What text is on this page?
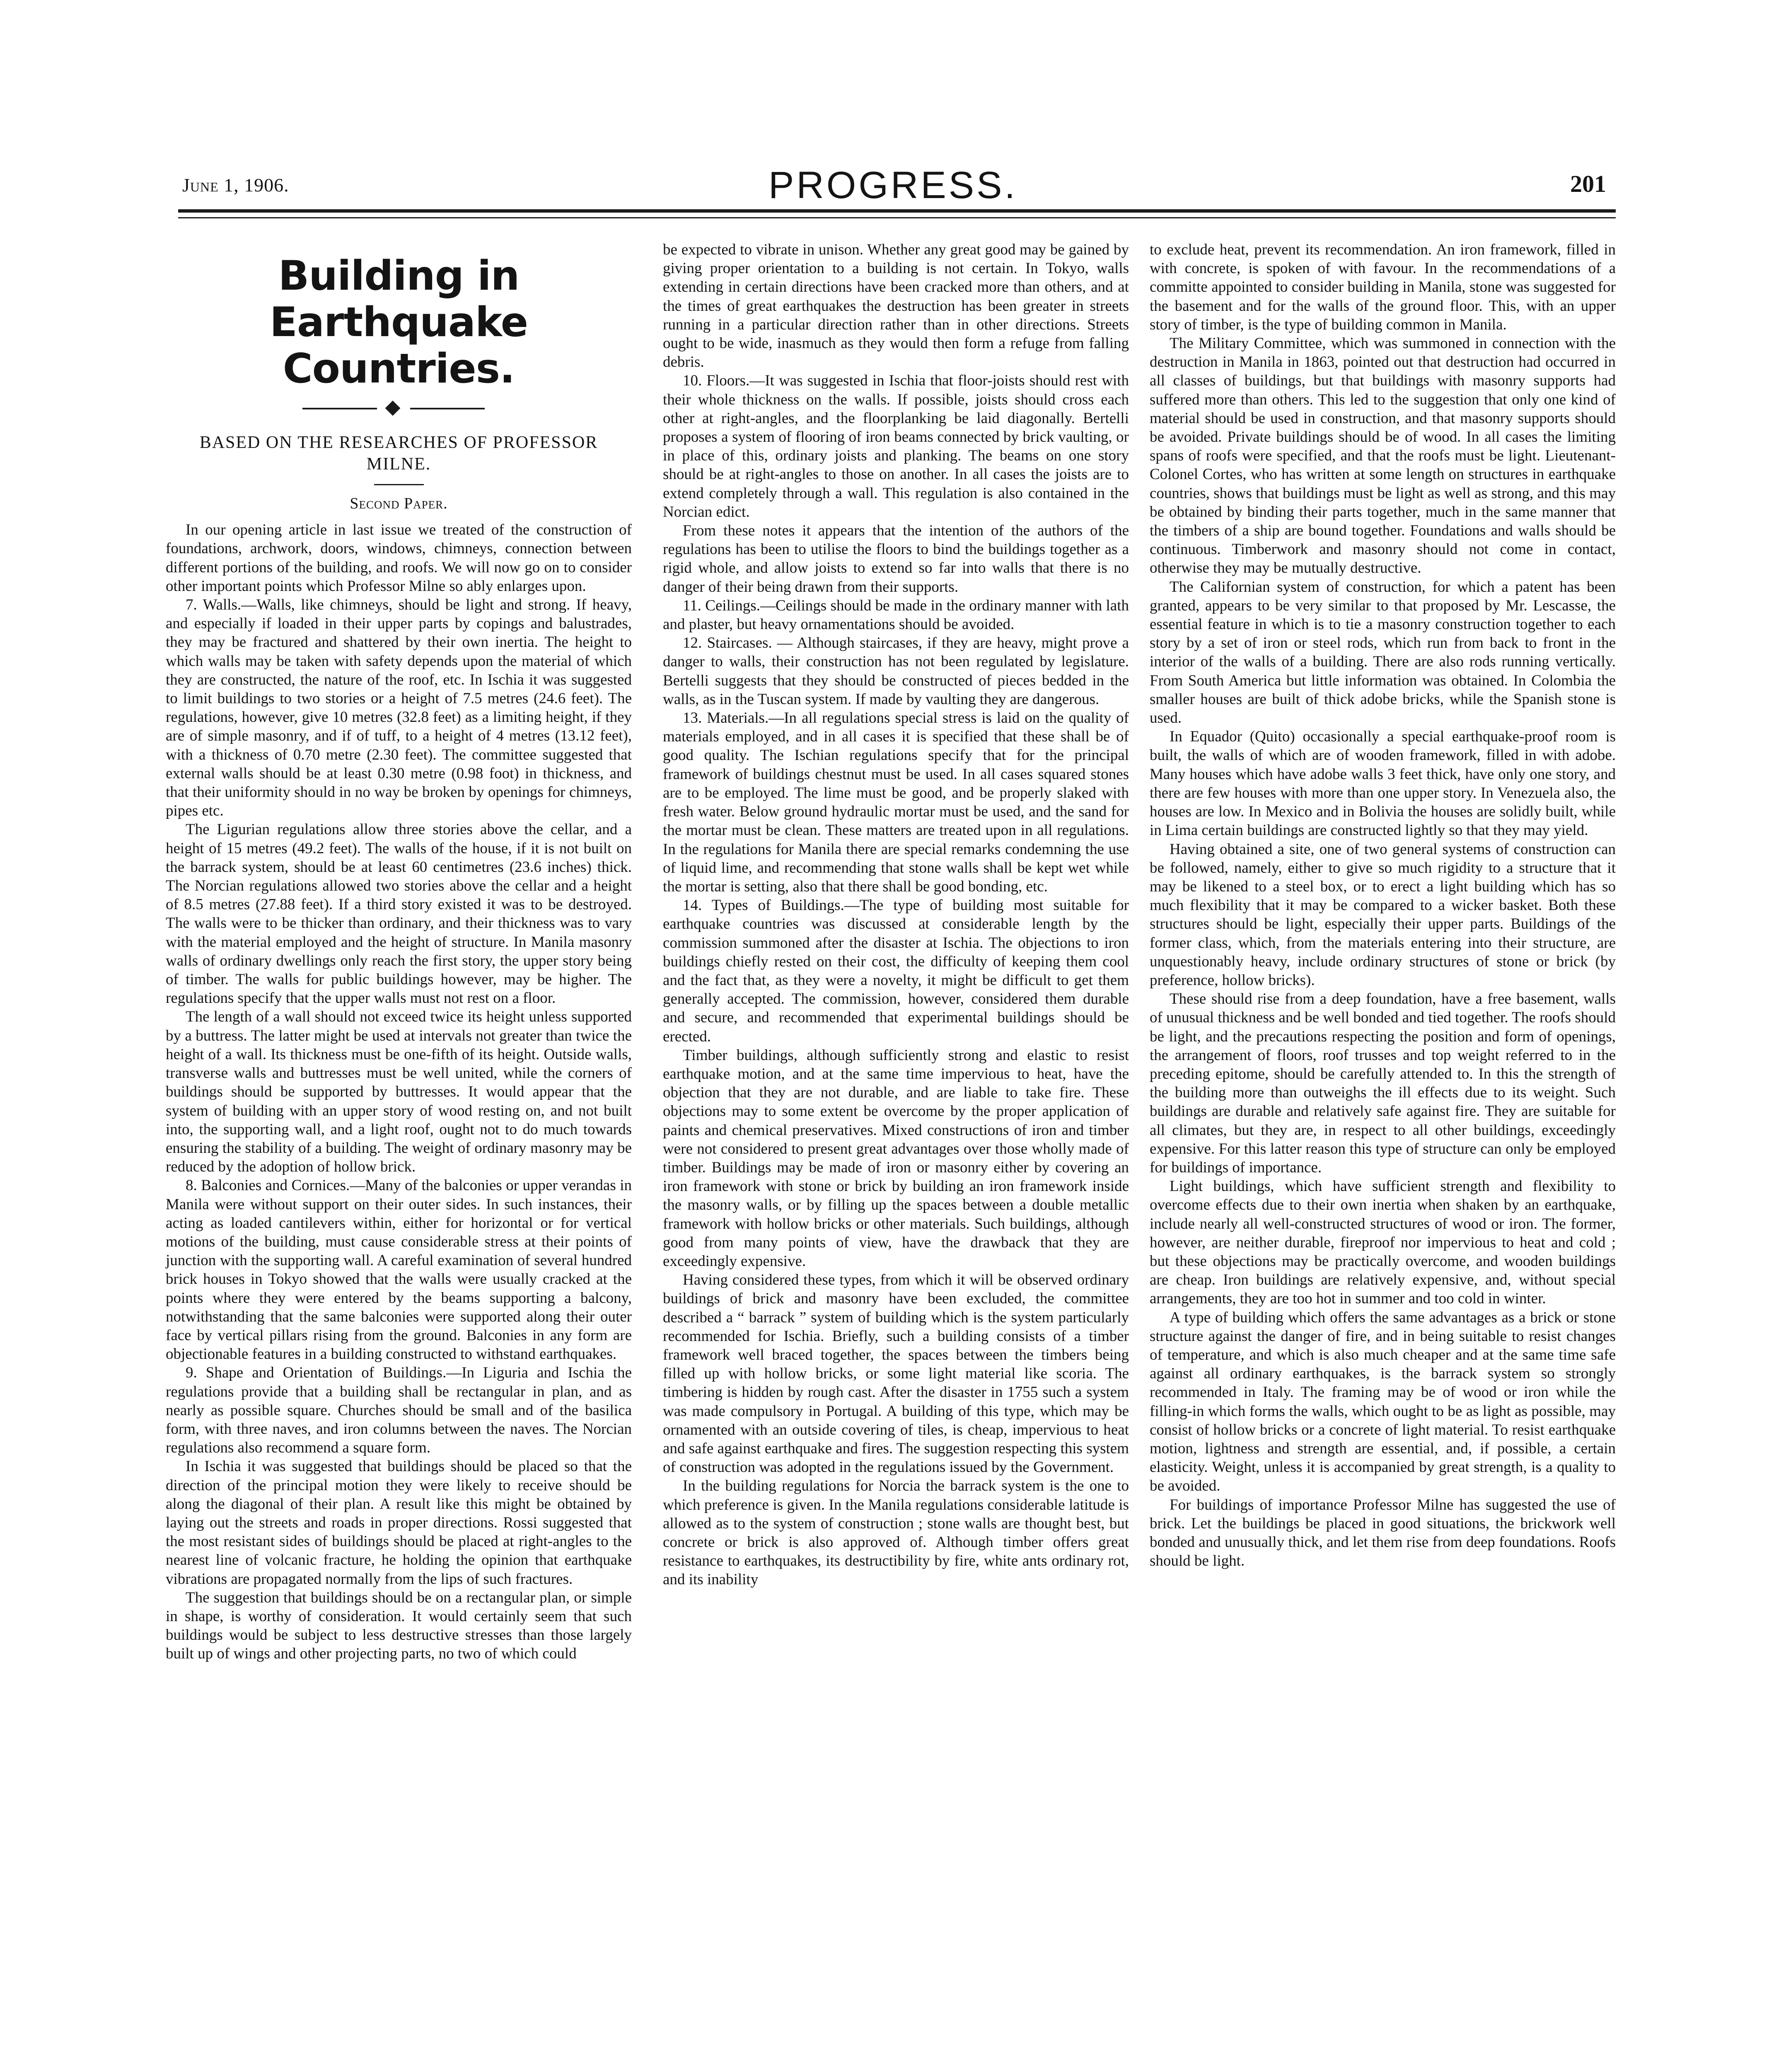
June 1, 1906.	PROGRESS.	201
Building in Earthquake Countries.
BASED ON THE RESEARCHES OF PROFESSOR MILNE.
Second Paper.

In our opening article in last issue we treated of the construction of foundations, archwork, doors, windows, chimneys, connection between different portions of the building, and roofs. We will now go on to consider other important points which Professor Milne so ably enlarges upon.

7. Walls.—Walls, like chimneys, should be light and strong. If heavy, and especially if loaded in their upper parts by copings and balustrades, they may be fractured and shattered by their own inertia. The height to which walls may be taken with safety depends upon the material of which they are constructed, the nature of the roof, etc. In Ischia it was suggested to limit buildings to two stories or a height of 7.5 metres (24.6 feet). The regulations, however, give 10 metres (32.8 feet) as a limiting height, if they are of simple masonry, and if of tuff, to a height of 4 metres (13.12 feet), with a thickness of 0.70 metre (2.30 feet). The committee suggested that external walls should be at least 0.30 metre (0.98 foot) in thickness, and that their uniformity should in no way be broken by openings for chimneys, pipes etc.

The Ligurian regulations allow three stories above the cellar, and a height of 15 metres (49.2 feet). The walls of the house, if it is not built on the barrack system, should be at least 60 centimetres (23.6 inches) thick. The Norcian regulations allowed two stories above the cellar and a height of 8.5 metres (27.88 feet). If a third story existed it was to be destroyed. The walls were to be thicker than ordinary, and their thickness was to vary with the material employed and the height of structure. In Manila masonry walls of ordinary dwellings only reach the first story, the upper story being of timber. The walls for public buildings however, may be higher. The regulations specify that the upper walls must not rest on a floor.

The length of a wall should not exceed twice its height unless supported by a buttress. The latter might be used at intervals not greater than twice the height of a wall. Its thickness must be one-fifth of its height. Outside walls, transverse walls and buttresses must be well united, while the corners of buildings should be supported by buttresses. It would appear that the system of building with an upper story of wood resting on, and not built into, the supporting wall, and a light roof, ought not to do much towards ensuring the stability of a building. The weight of ordinary masonry may be reduced by the adoption of hollow brick.

8. Balconies and Cornices.—Many of the balconies or upper verandas in Manila were without support on their outer sides. In such instances, their acting as loaded cantilevers within, either for horizontal or for vertical motions of the building, must cause considerable stress at their points of junction with the supporting wall. A careful examination of several hundred brick houses in Tokyo showed that the walls were usually cracked at the points where they were entered by the beams supporting a balcony, notwithstanding that the same balconies were supported along their outer face by vertical pillars rising from the ground. Balconies in any form are objectionable features in a building constructed to withstand earthquakes.

9. Shape and Orientation of Buildings.—In Liguria and Ischia the regulations provide that a building shall be rectangular in plan, and as nearly as possible square. Churches should be small and of the basilica form, with three naves, and iron columns between the naves. The Norcian regulations also recommend a square form.

In Ischia it was suggested that buildings should be placed so that the direction of the principal motion they were likely to receive should be along the diagonal of their plan. A result like this might be obtained by laying out the streets and roads in proper directions. Rossi suggested that the most resistant sides of buildings should be placed at right-angles to the nearest line of volcanic fracture, he holding the opinion that earthquake vibrations are propagated normally from the lips of such fractures.

The suggestion that buildings should be on a rectangular plan, or simple in shape, is worthy of consideration. It would certainly seem that such buildings would be subject to less destructive stresses than those largely built up of wings and other projecting parts, no two of which could

be expected to vibrate in unison. Whether any great good may be gained by giving proper orientation to a building is not certain. In Tokyo, walls extending in certain directions have been cracked more than others, and at the times of great earthquakes the destruction has been greater in streets running in a particular direction rather than in other directions. Streets ought to be wide, inasmuch as they would then form a refuge from falling debris.

10. Floors.—It was suggested in Ischia that floor-joists should rest with their whole thickness on the walls. If possible, joists should cross each other at right-angles, and the floorplanking be laid diagonally. Bertelli proposes a system of flooring of iron beams connected by brick vaulting, or in place of this, ordinary joists and planking. The beams on one story should be at right-angles to those on another. In all cases the joists are to extend completely through a wall. This regulation is also contained in the Norcian edict.

From these notes it appears that the intention of the authors of the regulations has been to utilise the floors to bind the buildings together as a rigid whole, and allow joists to extend so far into walls that there is no danger of their being drawn from their supports.

11. Ceilings.—Ceilings should be made in the ordinary manner with lath and plaster, but heavy ornamentations should be avoided.

12. Staircases. — Although staircases, if they are heavy, might prove a danger to walls, their construction has not been regulated by legislature. Bertelli suggests that they should be constructed of pieces bedded in the walls, as in the Tuscan system. If made by vaulting they are dangerous.

13. Materials.—In all regulations special stress is laid on the quality of materials employed, and in all cases it is specified that these shall be of good quality. The Ischian regulations specify that for the principal framework of buildings chestnut must be used. In all cases squared stones are to be employed. The lime must be good, and be properly slaked with fresh water. Below ground hydraulic mortar must be used, and the sand for the mortar must be clean. These matters are treated upon in all regulations. In the regulations for Manila there are special remarks condemning the use of liquid lime, and recommending that stone walls shall be kept wet while the mortar is setting, also that there shall be good bonding, etc.

14. Types of Buildings.—The type of building most suitable for earthquake countries was discussed at considerable length by the commission summoned after the disaster at Ischia. The objections to iron buildings chiefly rested on their cost, the difficulty of keeping them cool and the fact that, as they were a novelty, it might be difficult to get them generally accepted. The commission, however, considered them durable and secure, and recommended that experimental buildings should be erected.

Timber buildings, although sufficiently strong and elastic to resist earthquake motion, and at the same time impervious to heat, have the objection that they are not durable, and are liable to take fire. These objections may to some extent be overcome by the proper application of paints and chemical preservatives. Mixed constructions of iron and timber were not considered to present great advantages over those wholly made of timber. Buildings may be made of iron or masonry either by covering an iron framework with stone or brick by building an iron framework inside the masonry walls, or by filling up the spaces between a double metallic framework with hollow bricks or other materials. Such buildings, although good from many points of view, have the drawback that they are exceedingly expensive.

Having considered these types, from which it will be observed ordinary buildings of brick and masonry have been excluded, the committee described a “ barrack ” system of building which is the system particularly recommended for Ischia. Briefly, such a building consists of a timber framework well braced together, the spaces between the timbers being filled up with hollow bricks, or some light material like scoria. The timbering is hidden by rough cast. After the disaster in 1755 such a system was made compulsory in Portugal. A building of this type, which may be ornamented with an outside covering of tiles, is cheap, impervious to heat and safe against earthquake and fires. The suggestion respecting this system of construction was adopted in the regulations issued by the Government.

In the building regulations for Norcia the barrack system is the one to which preference is given. In the Manila regulations considerable latitude is allowed as to the system of construction ; stone walls are thought best, but concrete or brick is also approved of. Although timber offers great resistance to earthquakes, its destructibility by fire, white ants ordinary rot, and its inability

to exclude heat, prevent its recommendation. An iron framework, filled in with concrete, is spoken of with favour. In the recommendations of a committe appointed to consider building in Manila, stone was suggested for the basement and for the walls of the ground floor. This, with an upper story of timber, is the type of building common in Manila.

The Military Committee, which was summoned in connection with the destruction in Manila in 1863, pointed out that destruction had occurred in all classes of buildings, but that buildings with masonry supports had suffered more than others. This led to the suggestion that only one kind of material should be used in construction, and that masonry supports should be avoided. Private buildings should be of wood. In all cases the limiting spans of roofs were specified, and that the roofs must be light. Lieutenant-Colonel Cortes, who has written at some length on structures in earthquake countries, shows that buildings must be light as well as strong, and this may be obtained by binding their parts together, much in the same manner that the timbers of a ship are bound together. Foundations and walls should be continuous. Timberwork and masonry should not come in contact, otherwise they may be mutually destructive.

The Californian system of construction, for which a patent has been granted, appears to be very similar to that proposed by Mr. Lescasse, the essential feature in which is to tie a masonry construction together to each story by a set of iron or steel rods, which run from back to front in the interior of the walls of a building. There are also rods running vertically. From South America but little information was obtained. In Colombia the smaller houses are built of thick adobe bricks, while the Spanish stone is used.

In Equador (Quito) occasionally a special earthquake-proof room is built, the walls of which are of wooden framework, filled in with adobe. Many houses which have adobe walls 3 feet thick, have only one story, and there are few houses with more than one upper story. In Venezuela also, the houses are low. In Mexico and in Bolivia the houses are solidly built, while in Lima certain buildings are constructed lightly so that they may yield.

Having obtained a site, one of two general systems of construction can be followed, namely, either to give so much rigidity to a structure that it may be likened to a steel box, or to erect a light building which has so much flexibility that it may be compared to a wicker basket. Both these structures should be light, especially their upper parts. Buildings of the former class, which, from the materials entering into their structure, are unquestionably heavy, include ordinary structures of stone or brick (by preference, hollow bricks).

These should rise from a deep foundation, have a free basement, walls of unusual thickness and be well bonded and tied together. The roofs should be light, and the precautions respecting the position and form of openings, the arrangement of floors, roof trusses and top weight referred to in the preceding epitome, should be carefully attended to. In this the strength of the building more than outweighs the ill effects due to its weight. Such buildings are durable and relatively safe against fire. They are suitable for all climates, but they are, in respect to all other buildings, exceedingly expensive. For this latter reason this type of structure can only be employed for buildings of importance.

Light buildings, which have sufficient strength and flexibility to overcome effects due to their own inertia when shaken by an earthquake, include nearly all well-constructed structures of wood or iron. The former, however, are neither durable, fireproof nor impervious to heat and cold ; but these objections may be practically overcome, and wooden buildings are cheap. Iron buildings are relatively expensive, and, without special arrangements, they are too hot in summer and too cold in winter.

A type of building which offers the same advantages as a brick or stone structure against the danger of fire, and in being suitable to resist changes of temperature, and which is also much cheaper and at the same time safe against all ordinary earthquakes, is the barrack system so strongly recommended in Italy. The framing may be of wood or iron while the filling-in which forms the walls, which ought to be as light as possible, may consist of hollow bricks or a concrete of light material. To resist earthquake motion, lightness and strength are essential, and, if possible, a certain elasticity. Weight, unless it is accompanied by great strength, is a quality to be avoided.

For buildings of importance Professor Milne has suggested the use of brick. Let the buildings be placed in good situations, the brickwork well bonded and unusually thick, and let them rise from deep foundations. Roofs should be light.
